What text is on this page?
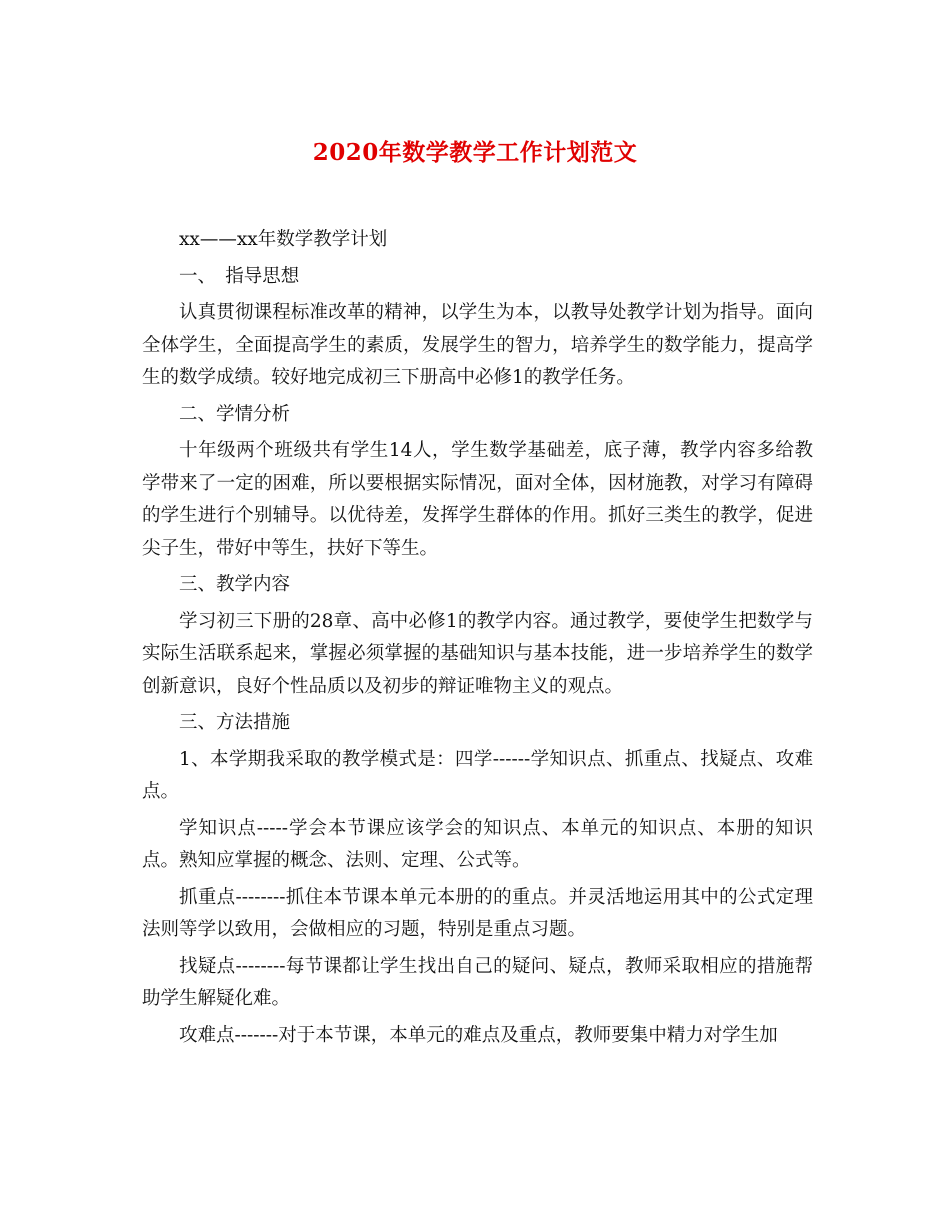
2020年数学教学工作计划范文

xx——xx年数学教学计划

一、　指导思想

认真贯彻课程标准改革的精神，以学生为本，以教导处教学计划为指导。面向全体学生，全面提高学生的素质，发展学生的智力，培养学生的数学能力，提高学生的数学成绩。较好地完成初三下册高中必修1的教学任务。

二、学情分析

十年级两个班级共有学生14人，学生数学基础差，底子薄，教学内容多给教学带来了一定的困难，所以要根据实际情况，面对全体，因材施教，对学习有障碍的学生进行个别辅导。以优待差，发挥学生群体的作用。抓好三类生的教学，促进尖子生，带好中等生，扶好下等生。

三、教学内容

学习初三下册的28章、高中必修1的教学内容。通过教学，要使学生把数学与实际生活联系起来，掌握必须掌握的基础知识与基本技能，进一步培养学生的数学创新意识，良好个性品质以及初步的辩证唯物主义的观点。

三、方法措施

1、本学期我采取的教学模式是：四学------学知识点、抓重点、找疑点、攻难点。

学知识点-----学会本节课应该学会的知识点、本单元的知识点、本册的知识点。熟知应掌握的概念、法则、定理、公式等。

抓重点--------抓住本节课本单元本册的的重点。并灵活地运用其中的公式定理法则等学以致用，会做相应的习题，特别是重点习题。

找疑点--------每节课都让学生找出自己的疑问、疑点，教师采取相应的措施帮助学生解疑化难。

攻难点-------对于本节课，本单元的难点及重点，教师要集中精力对学生加
